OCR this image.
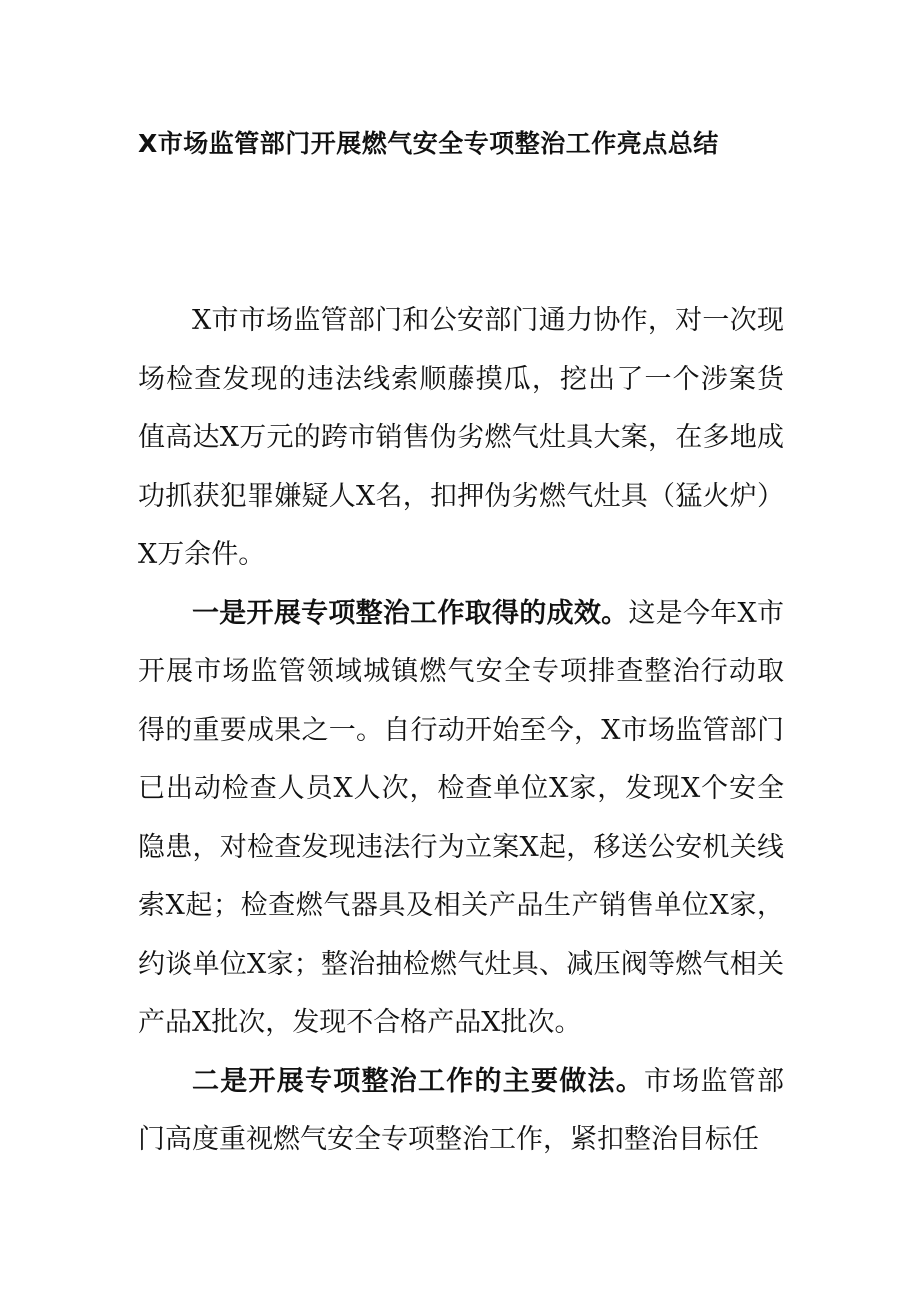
X市场监管部门开展燃气安全专项整治工作亮点总结

X市市场监管部门和公安部门通力协作，对一次现场检查发现的违法线索顺藤摸瓜，挖出了一个涉案货值高达X万元的跨市销售伪劣燃气灶具大案，在多地成功抓获犯罪嫌疑人X名，扣押伪劣燃气灶具（猛火炉）X万余件。

一是开展专项整治工作取得的成效。这是今年X市开展市场监管领域城镇燃气安全专项排查整治行动取得的重要成果之一。自行动开始至今，X市场监管部门已出动检查人员X人次，检查单位X家，发现X个安全隐患，对检查发现违法行为立案X起，移送公安机关线索X起；检查燃气器具及相关产品生产销售单位X家，约谈单位X家；整治抽检燃气灶具、减压阀等燃气相关产品X批次，发现不合格产品X批次。

二是开展专项整治工作的主要做法。市场监管部门高度重视燃气安全专项整治工作，紧扣整治目标任
